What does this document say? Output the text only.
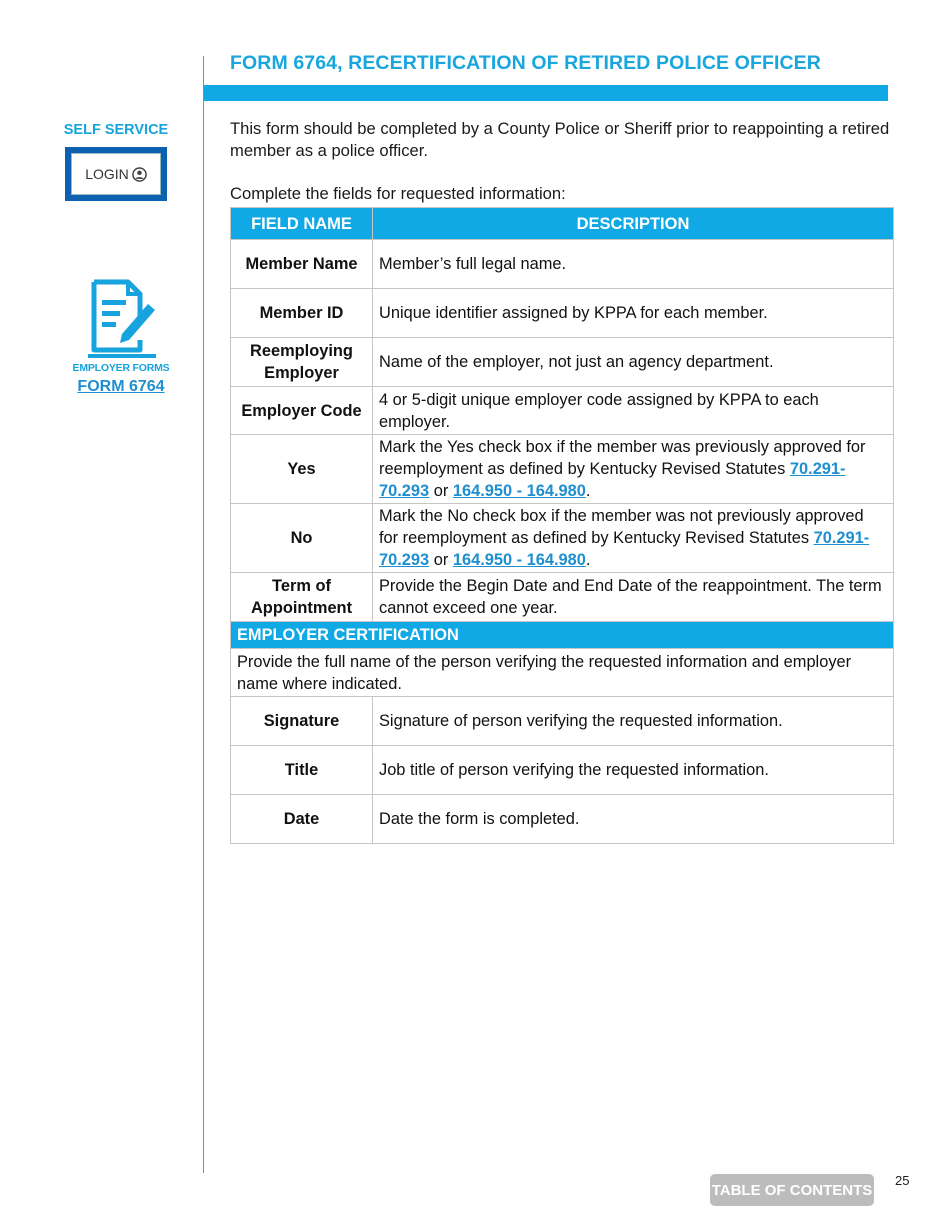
FORM 6764, RECERTIFICATION OF RETIRED POLICE OFFICER
SELF SERVICE
LOGIN
EMPLOYER FORMS
FORM 6764

This form should be completed by a County Police or Sheriff prior to reappointing a retired member as a police officer.

Complete the fields for requested information:

FIELD NAME	DESCRIPTION
Member Name	Member’s full legal name.
Member ID	Unique identifier assigned by KPPA for each member.
Reemploying Employer	Name of the employer, not just an agency department.
Employer Code	4 or 5-digit unique employer code assigned by KPPA to each employer.
Yes	Mark the Yes check box if the member was previously approved for reemployment as defined by Kentucky Revised Statutes 70.291-70.293 or 164.950 - 164.980.
No	Mark the No check box if the member was not previously approved for reemployment as defined by Kentucky Revised Statutes 70.291-70.293 or 164.950 - 164.980.
Term of Appointment	Provide the Begin Date and End Date of the reappointment. The term cannot exceed one year.
EMPLOYER CERTIFICATION	
Provide the full name of the person verifying the requested information and employer name where indicated.	
Signature	Signature of person verifying the requested information.
Title	Job title of person verifying the requested information.
Date	Date the form is completed.
TABLE OF CONTENTS
25
